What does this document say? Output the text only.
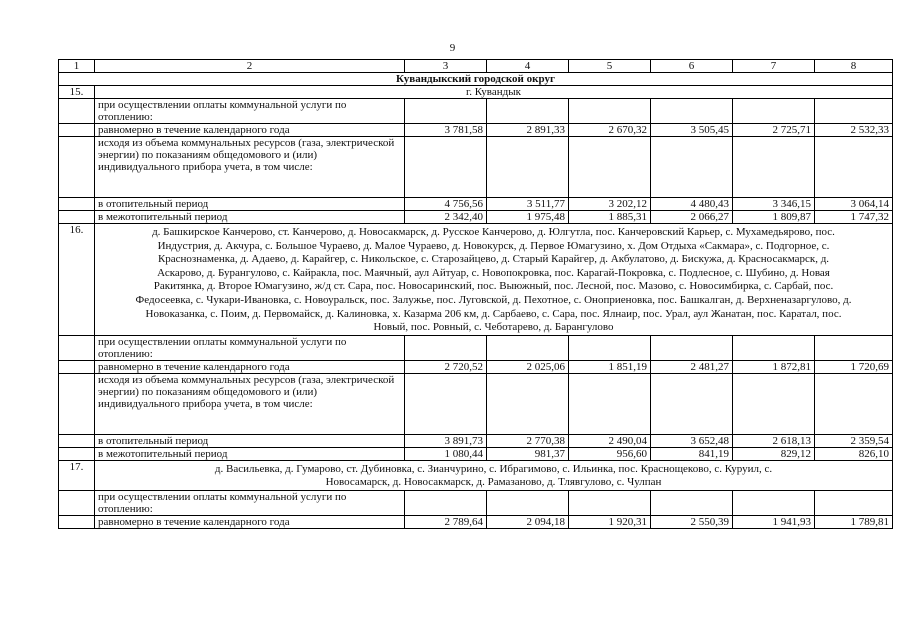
9
1	2	3	4	5	6	7	8
Кувандыкский городской округ							
15.	г. Кувандык						
	при осуществлении оплаты коммунальной услуги по отоплению:						
	равномерно в течение календарного года	3 781,58	2 891,33	2 670,32	3 505,45	2 725,71	2 532,33
	исходя из объема коммунальных ресурсов (газа, электрической энергии) по показаниям общедомового и (или) индивидуального прибора учета, в том числе:						
	в отопительный период	4 756,56	3 511,77	3 202,12	4 480,43	3 346,15	3 064,14
	в межотопительный период	2 342,40	1 975,48	1 885,31	2 066,27	1 809,87	1 747,32
16.	д. Башкирское Канчерово, ст. Канчерово, д. Новосакмарск, д. Русское Канчерово, д. Юлгутла, пос. Канчеровский Карьер, с. Мухамедьярово, пос. Индустрия, д. Акчура, с. Большое Чураево, д. Малое Чураево, д. Новокурск, д. Первое Юмагузино, х. Дом Отдыха «Сакмара», с. Подгорное, с. Краснознаменка, д. Адаево, д. Карайгер, с. Никольское, с. Старозайцево, д. Старый Карайгер, д. Акбулатово, д. Бискужа, д. Красносакмарск, д. Аскарово, д. Бурангулово, с. Кайракла, пос. Маячный, аул Айтуар, с. Новопокровка, пос. Карагай-Покровка, с. Подлесное, с. Шубино, д. Новая Ракитянка, д. Второе Юмагузино, ж/д ст. Сара, пос. Новосаринский, пос. Выюжный, пос. Лесной, пос. Мазово, с. Новосимбирка, с. Сарбай, пос. Федосеевка, с. Чукари-Ивановка, с. Новоуральск, пос. Залужье, пос. Луговской, д. Пехотное, с. Оноприеновка, пос. Башкалган, д. Верхненазаргулово, д. Новоказанка, с. Поим, д. Первомайск, д. Калиновка, х. Казарма 206 км, д. Сарбаево, с. Сара, пос. Ялнаир, пос. Урал, аул Жанатан, пос. Каратал, пос. Новый, пос. Ровный, с. Чеботарево, д. Барангулово						
	при осуществлении оплаты коммунальной услуги по отоплению:						
	равномерно в течение календарного года	2 720,52	2 025,06	1 851,19	2 481,27	1 872,81	1 720,69
	исходя из объема коммунальных ресурсов (газа, электрической энергии) по показаниям общедомового и (или) индивидуального прибора учета, в том числе:						
	в отопительный период	3 891,73	2 770,38	2 490,04	3 652,48	2 618,13	2 359,54
	в межотопительный период	1 080,44	981,37	956,60	841,19	829,12	826,10
17.	д. Васильевка, д. Гумарово, ст. Дубиновка, с. Зианчурино, с. Ибрагимово, с. Ильинка, пос. Краснощеково, с. Куруил, с. Новосамарск, д. Новосакмарск, д. Рамазаново, д. Тлявгулово, с. Чулпан						
	при осуществлении оплаты коммунальной услуги по отоплению:						
	равномерно в течение календарного года	2 789,64	2 094,18	1 920,31	2 550,39	1 941,93	1 789,81
